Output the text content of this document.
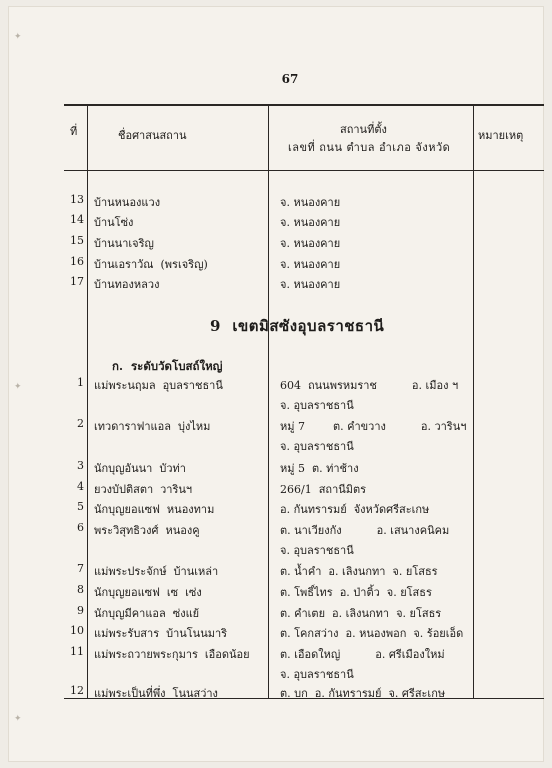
✦
✦
✦
67
ที่	ชื่อศาสนสถาน	สถานที่ตั้ง
เลขที่ ถนน ตำบล อำเภอ จังหวัด
หมายเหตุ
13 บ้านหนองแวง	จ. หนองคาย
14 บ้านโซ่ง	จ. หนองคาย
15 บ้านนาเจริญ	จ. หนองคาย
16 บ้านเอราวัณ  (พรเจริญ)	จ. หนองคาย
17 บ้านทองหลวง	จ. หนองคาย
9  เขตมิสซังอุบลราชธานี
ก.  ระดับวัดโบสถ์ใหญ่
1 แม่พระนฤมล  อุบลราชธานี	604  ถนนพรหมราช          อ. เมือง ฯ
จ. อุบลราชธานี
2 เทวดาราฟาแอล  บุ่งไหม	หมู่ 7        ต. คำขวาง          อ. วารินฯ
จ. อุบลราชธานี
3 นักบุญอันนา  บัวท่า	หมู่ 5  ต. ท่าช้าง
4 ยวงบัปติสตา  วารินฯ	266/1  สถานีมิตร
5 นักบุญยอแซฟ  หนองทาม	อ. กันทรารมย์  จังหวัดศรีสะเกษ
6 พระวิสุทธิวงศ์  หนองคู	ต. นาเวียงกัง          อ. เสนางคนิคม
จ. อุบลราชธานี
7 แม่พระประจักษ์  บ้านเหล่า	ต. น้ำคำ  อ. เลิงนกทา  จ. ยโสธร
8 นักบุญยอแซฟ  เซ  เซ่ง	ต. โพธิ์ไทร  อ. ป่าติ้ว  จ. ยโสธร
9 นักบุญมีคาแอล  ซ่งแย้	ต. คำเตย  อ. เลิงนกทา  จ. ยโสธร
10 แม่พระรับสาร  บ้านโนนมาริ	ต. โคกสว่าง  อ. หนองพอก  จ. ร้อยเอ็ด
11 แม่พระถวายพระกุมาร  เอือดน้อย	ต. เอือดใหญ่          อ. ศรีเมืองใหม่
จ. อุบลราชธานี
12 แม่พระเป็นที่พึ่ง  โนนสว่าง	ต. บก  อ. กันทรารมย์  จ. ศรีสะเกษ
